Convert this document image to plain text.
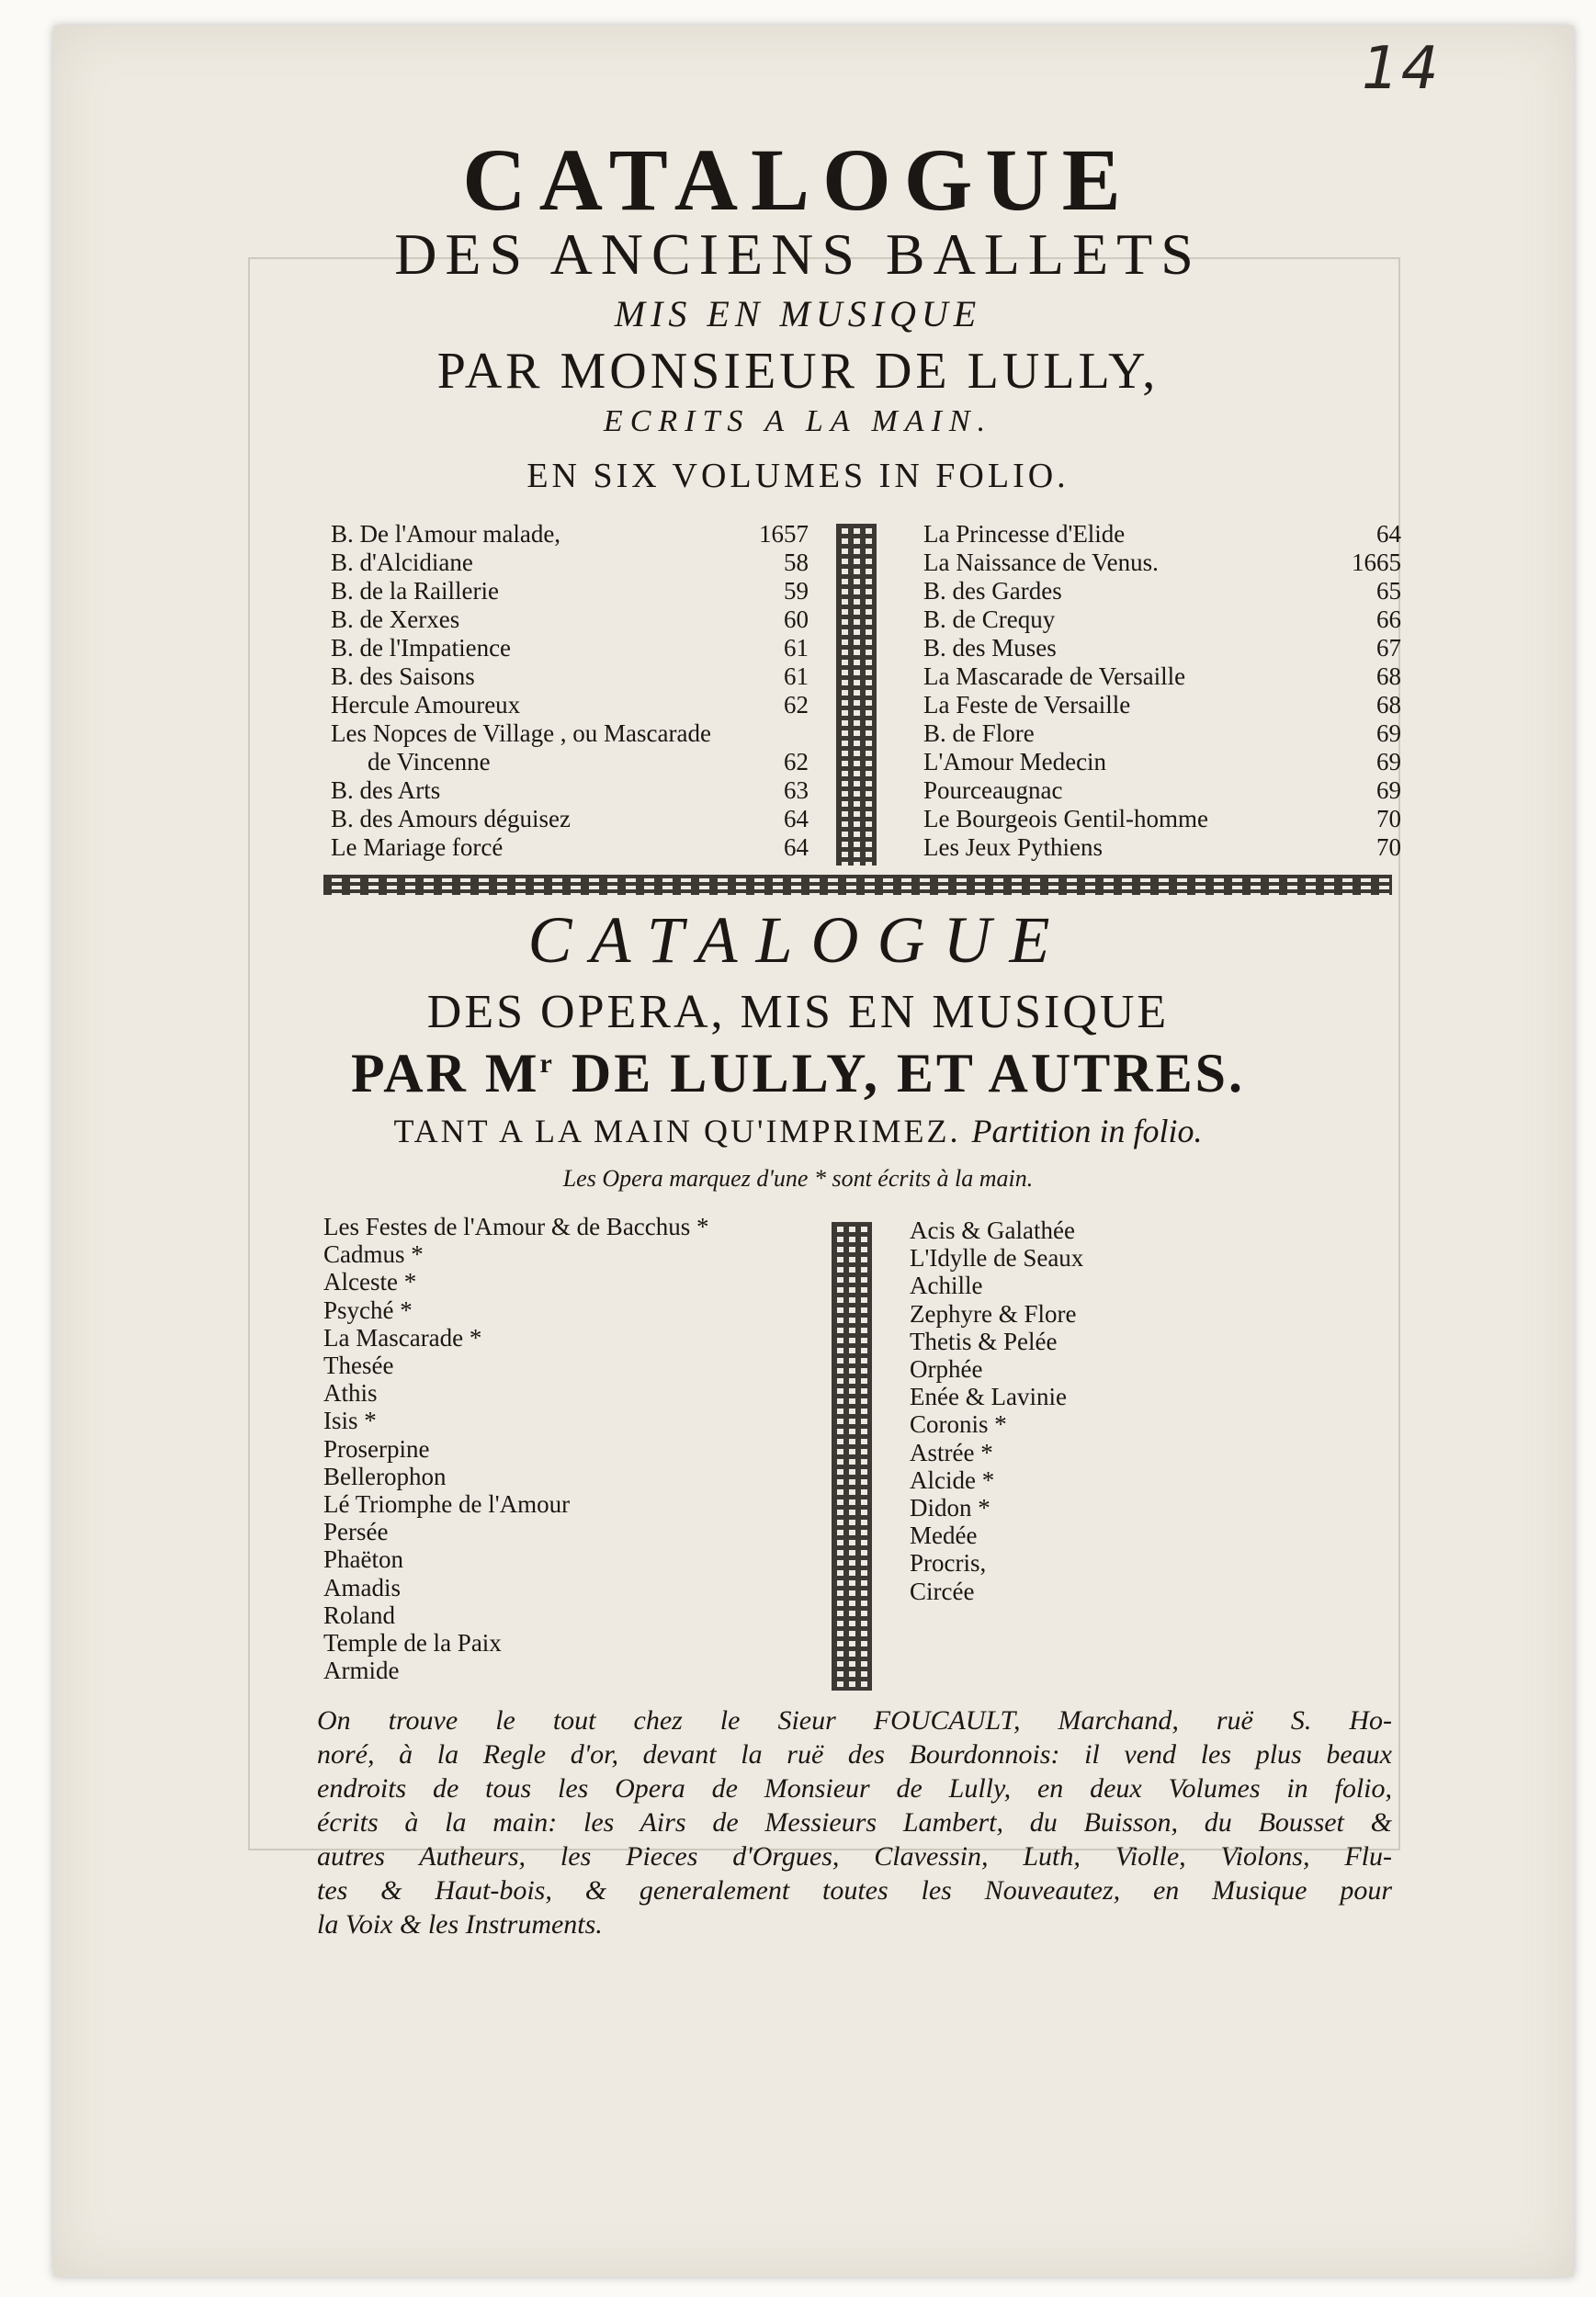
14
CATALOGUE
DES ANCIENS BALLETS
MIS EN MUSIQUE
PAR MONSIEUR DE LULLY,
ECRITS A LA MAIN.
EN SIX VOLUMES IN FOLIO.
B. De l'Amour malade,	1657
B. d'Alcidiane	58
B. de la Raillerie	59
B. de Xerxes	60
B. de l'Impatience	61
B. des Saisons	61
Hercule Amoureux	62
Les Nopces de Village , ou Mascarade
de Vincenne	62
B. des Arts	63
B. des Amours déguisez	64
Le Mariage forcé	64
La Princesse d'Elide	64
La Naissance de Venus.	1665
B. des Gardes	65
B. de Crequy	66
B. des Muses	67
La Mascarade de Versaille	68
La Feste de Versaille	68
B. de Flore	69
L'Amour Medecin	69
Pourceaugnac	69
Le Bourgeois Gentil-homme	70
Les Jeux Pythiens	70
CATALOGUE
DES OPERA, MIS EN MUSIQUE
PAR $M^r$ DE LULLY, ET AUTRES.
TANT A LA MAIN QU'IMPRIMEZ. Partition in folio.
Les Opera marquez d'une * sont écrits à la main.
Les Festes de l'Amour & de Bacchus *
Cadmus *
Alceste *
Psyché *
La Mascarade *
Thesée
Athis
Isis *
Proserpine
Bellerophon
Lé Triomphe de l'Amour
Persée
Phaëton
Amadis
Roland
Temple de la Paix
Armide
Acis & Galathée
L'Idylle de Seaux
Achille
Zephyre & Flore
Thetis & Pelée
Orphée
Enée & Lavinie
Coronis *
Astrée *
Alcide *
Didon *
Medée
Procris,
Circée
On trouve le tout chez le Sieur FOUCAULT, Marchand, ruë S. Ho-
noré, à la Regle d'or, devant la ruë des Bourdonnois: il vend les plus beaux
endroits de tous les Opera de Monsieur de Lully, en deux Volumes in folio,
écrits à la main: les Airs de Messieurs Lambert, du Buisson, du Bousset &
autres Autheurs, les Pieces d'Orgues, Clavessin, Luth, Violle, Violons, Flu-
tes & Haut-bois, & generalement toutes les Nouveautez, en Musique pour
la Voix & les Instruments.
